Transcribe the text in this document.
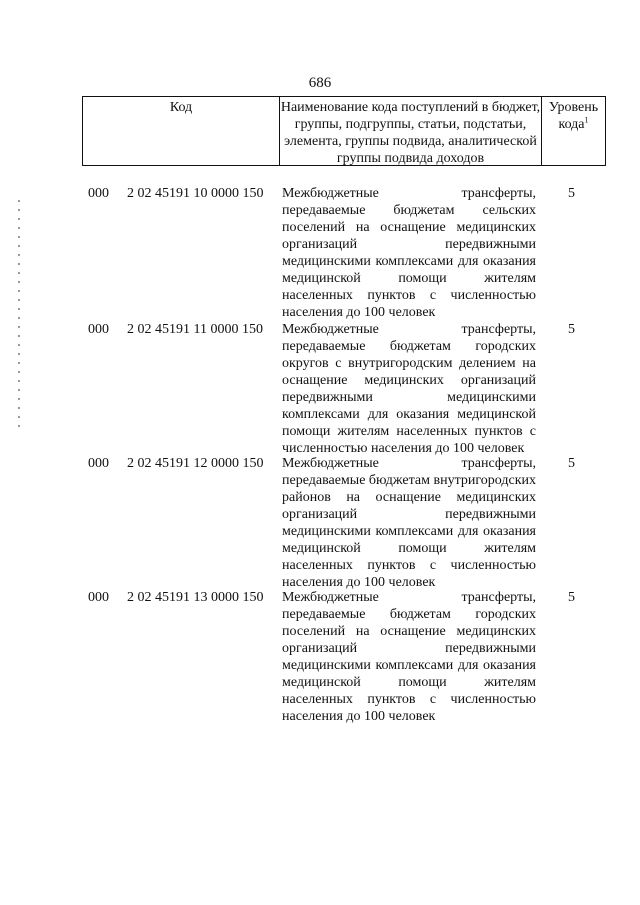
686
Код	Наименование кода поступлений в бюджет, группы, подгруппы, статьи, подстатьи, элемента, группы подвида, аналитической группы подвида доходов
Уровень кода$^1$
000 2 02 45191 10 0000 150 Межбюджетные трансферты, передаваемые бюджетам сельских поселений на оснащение медицинских организаций передвижными медицинскими комплексами для оказания медицинской помощи жителям населенных пунктов с численностью населения до 100 человек
5
000 2 02 45191 11 0000 150 Межбюджетные трансферты, передаваемые бюджетам городских округов с внутригородским делением на оснащение медицинских организаций передвижными медицинскими комплексами для оказания медицинской помощи жителям населенных пунктов с численностью населения до 100 человек
5
000 2 02 45191 12 0000 150 Межбюджетные трансферты, передаваемые бюджетам внутригородских районов на оснащение медицинских организаций передвижными медицинскими комплексами для оказания медицинской помощи жителям населенных пунктов с численностью населения до 100 человек
5
000 2 02 45191 13 0000 150 Межбюджетные трансферты, передаваемые бюджетам городских поселений на оснащение медицинских организаций передвижными медицинскими комплексами для оказания медицинской помощи жителям населенных пунктов с численностью населения до 100 человек
5
